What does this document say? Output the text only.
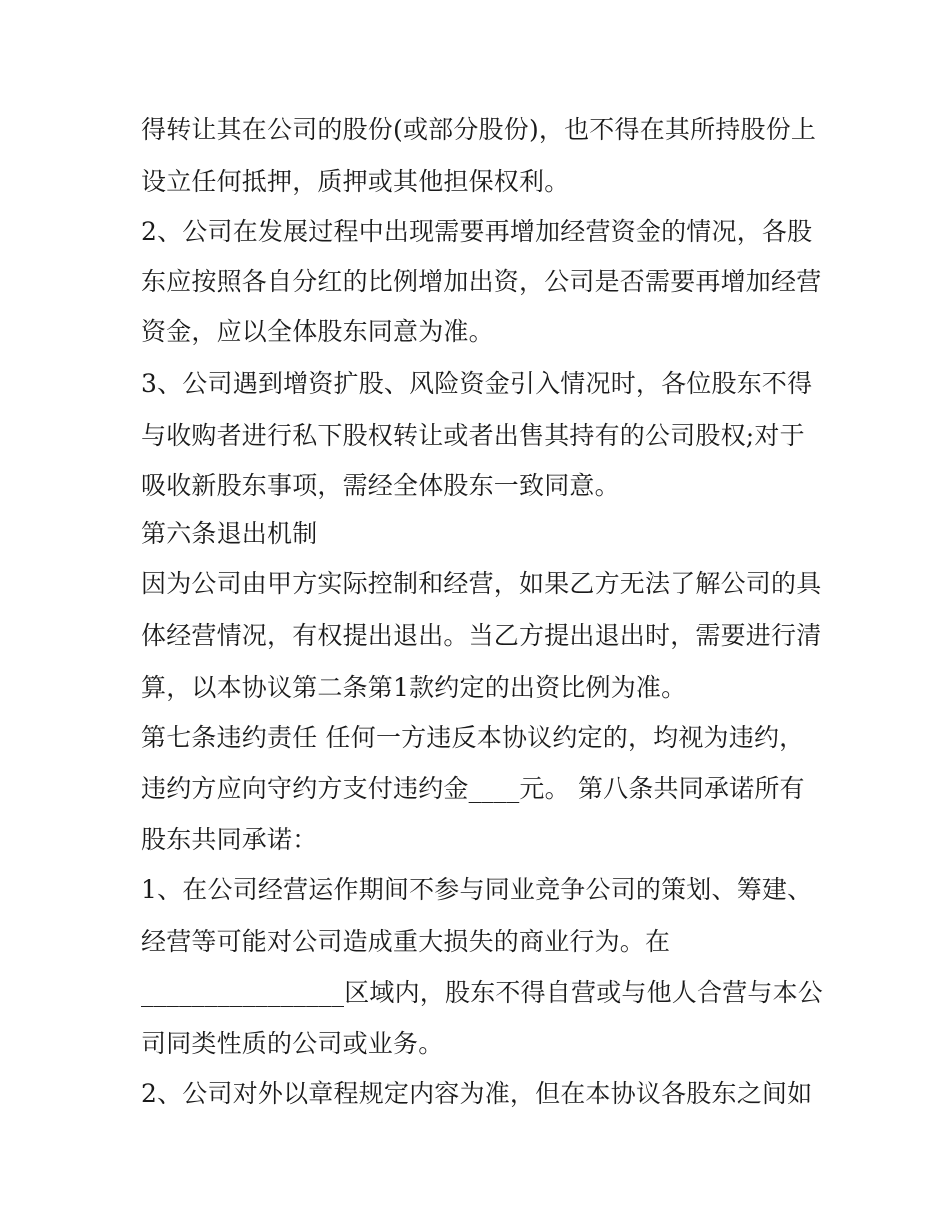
得转让其在公司的股份(或部分股份)，也不得在其所持股份上

设立任何抵押，质押或其他担保权利。

2、公司在发展过程中出现需要再增加经营资金的情况，各股

东应按照各自分红的比例增加出资，公司是否需要再增加经营

资金，应以全体股东同意为准。

3、公司遇到增资扩股、风险资金引入情况时，各位股东不得

与收购者进行私下股权转让或者出售其持有的公司股权;对于

吸收新股东事项，需经全体股东一致同意。

第六条退出机制

因为公司由甲方实际控制和经营，如果乙方无法了解公司的具

体经营情况，有权提出退出。当乙方提出退出时，需要进行清

算，以本协议第二条第1款约定的出资比例为准。

第七条违约责任 任何一方违反本协议约定的，均视为违约，

违约方应向守约方支付违约金____元。 第八条共同承诺所有

股东共同承诺：

1、在公司经营运作期间不参与同业竞争公司的策划、筹建、

经营等可能对公司造成重大损失的商业行为。在

________________区域内，股东不得自营或与他人合营与本公

司同类性质的公司或业务。

2、公司对外以章程规定内容为准，但在本协议各股东之间如
